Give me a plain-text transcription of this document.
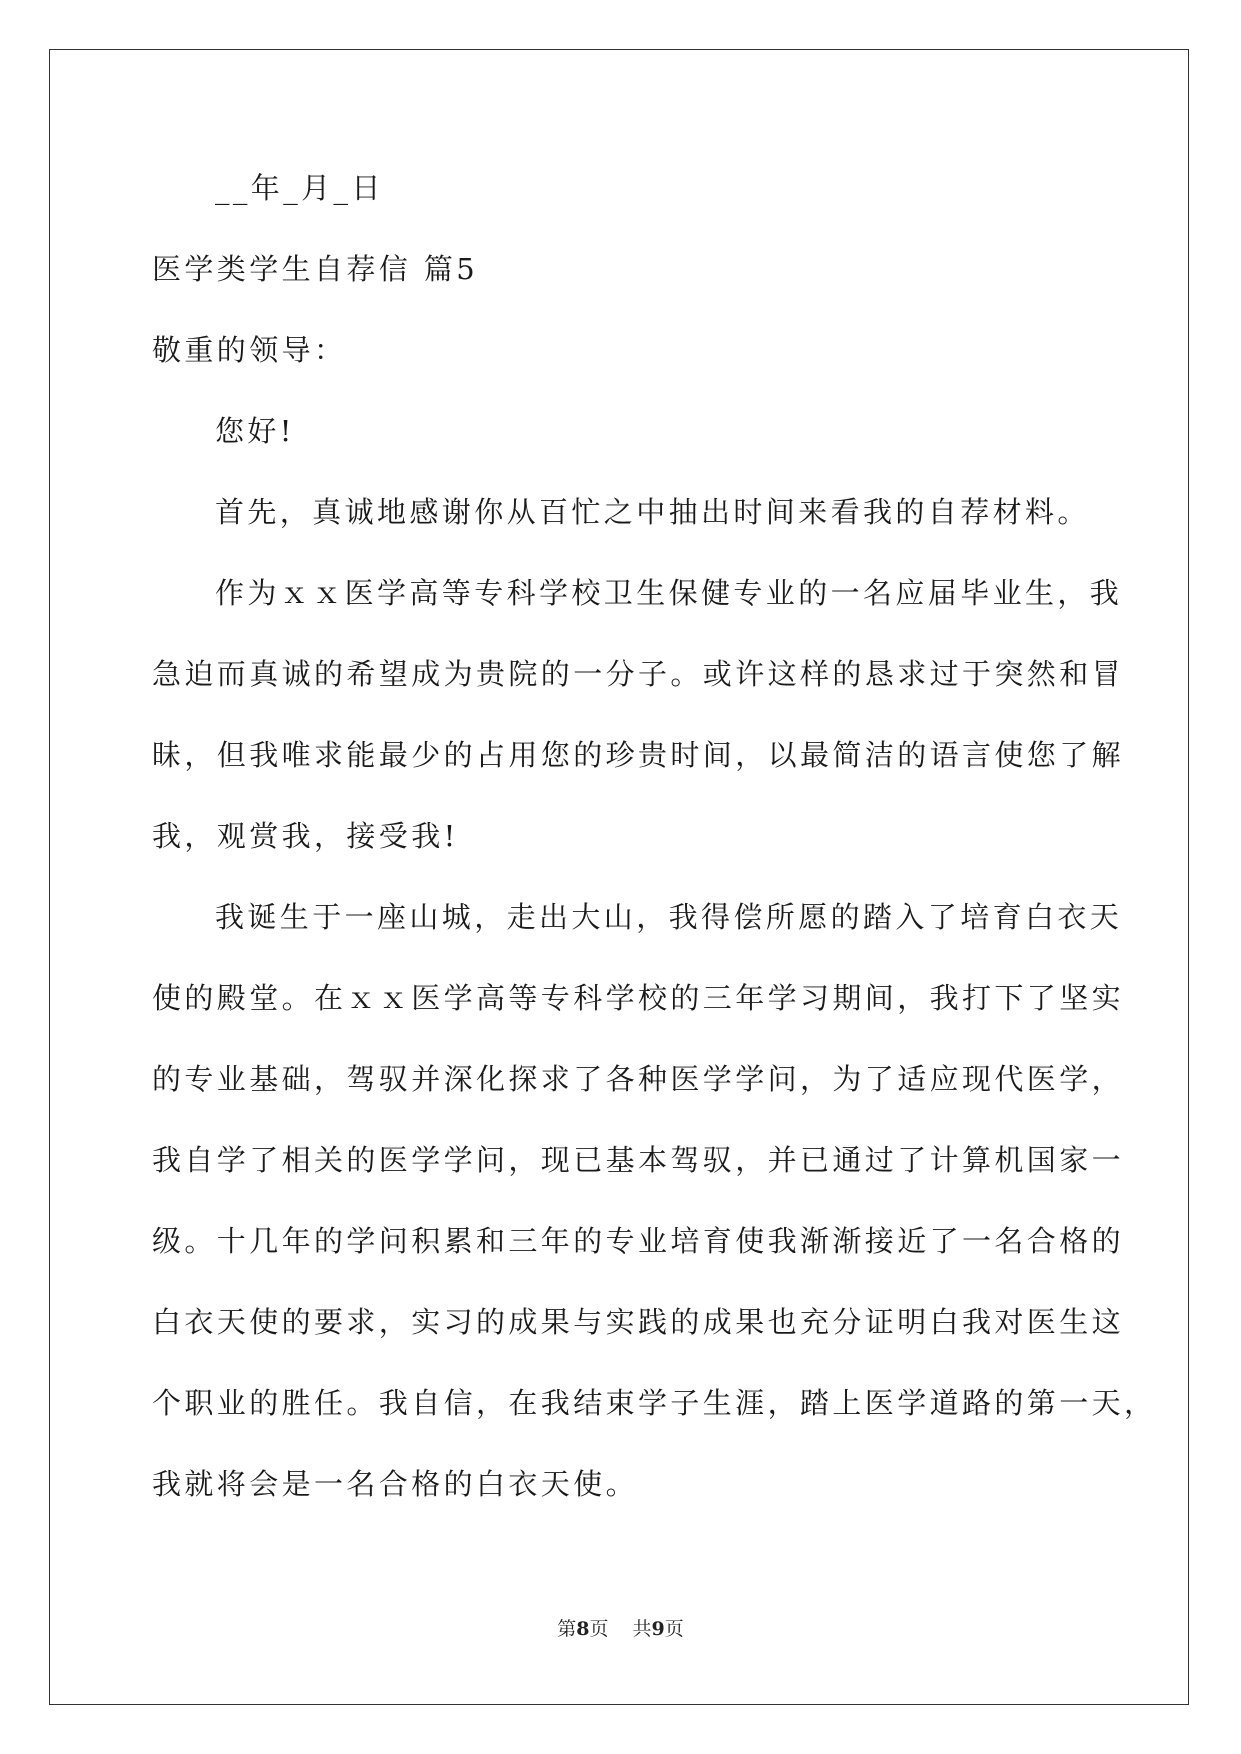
__年_月_日
医学类学生自荐信 篇5
敬重的领导：
您好!
首先，真诚地感谢你从百忙之中抽出时间来看我的自荐材料。
作为ｘｘ医学高等专科学校卫生保健专业的一名应届毕业生，我
急迫而真诚的希望成为贵院的一分子。或许这样的恳求过于突然和冒
昧，但我唯求能最少的占用您的珍贵时间，以最简洁的语言使您了解
我，观赏我，接受我!
我诞生于一座山城，走出大山，我得偿所愿的踏入了培育白衣天
使的殿堂。在ｘｘ医学高等专科学校的三年学习期间，我打下了坚实
的专业基础，驾驭并深化探求了各种医学学问，为了适应现代医学，
我自学了相关的医学学问，现已基本驾驭，并已通过了计算机国家一
级。十几年的学问积累和三年的专业培育使我渐渐接近了一名合格的
白衣天使的要求，实习的成果与实践的成果也充分证明白我对医生这
个职业的胜任。我自信，在我结束学子生涯，踏上医学道路的第一天，
我就将会是一名合格的白衣天使。
第8页 共9页
